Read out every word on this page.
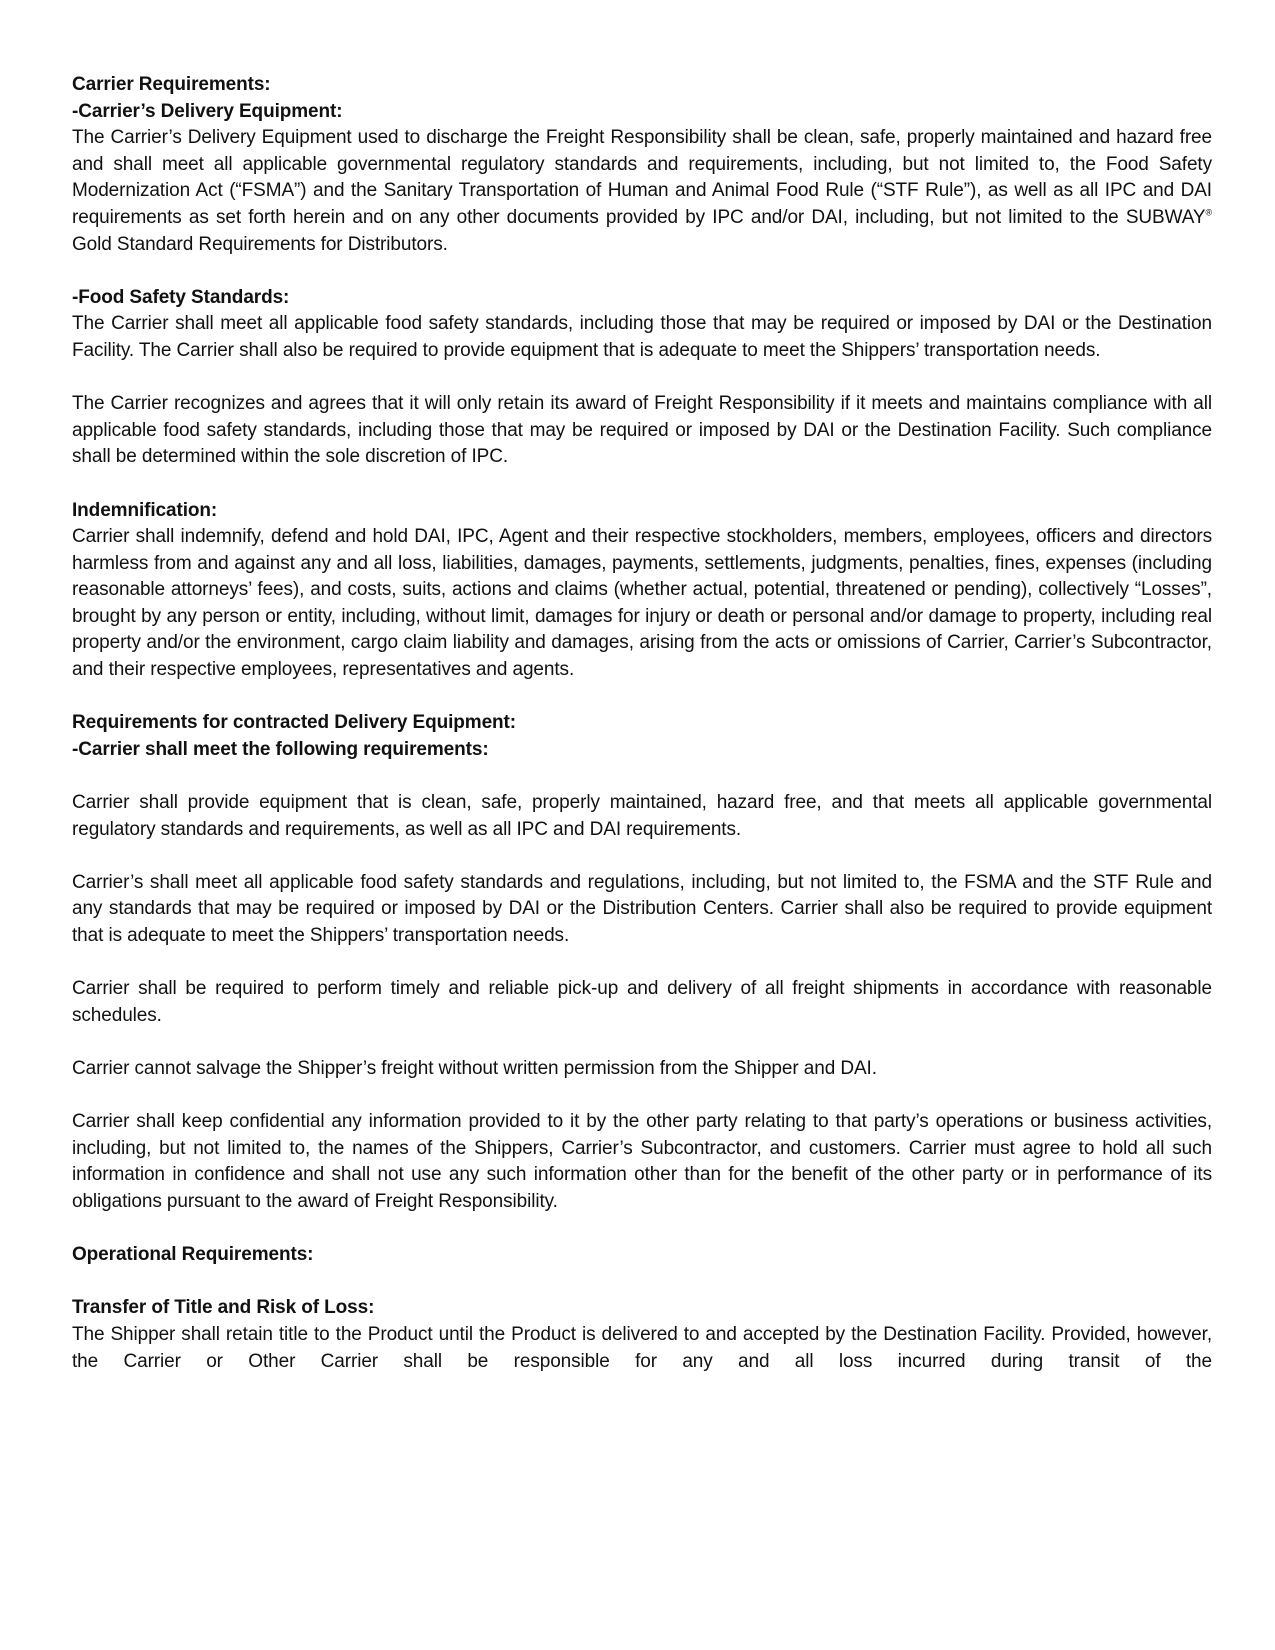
Carrier Requirements:
-Carrier’s Delivery Equipment:
The Carrier’s Delivery Equipment used to discharge the Freight Responsibility shall be clean, safe, properly maintained and hazard free and shall meet all applicable governmental regulatory standards and requirements, including, but not limited to, the Food Safety Modernization Act (“FSMA”) and the Sanitary Transportation of Human and Animal Food Rule (“STF Rule”), as well as all IPC and DAI requirements as set forth herein and on any other documents provided by IPC and/or DAI, including, but not limited to the SUBWAY® Gold Standard Requirements for Distributors.
-Food Safety Standards:
The Carrier shall meet all applicable food safety standards, including those that may be required or imposed by DAI or the Destination Facility. The Carrier shall also be required to provide equipment that is adequate to meet the Shippers’ transportation needs.
The Carrier recognizes and agrees that it will only retain its award of Freight Responsibility if it meets and maintains compliance with all applicable food safety standards, including those that may be required or imposed by DAI or the Destination Facility. Such compliance shall be determined within the sole discretion of IPC.
Indemnification:
Carrier shall indemnify, defend and hold DAI, IPC, Agent and their respective stockholders, members, employees, officers and directors harmless from and against any and all loss, liabilities, damages, payments, settlements, judgments, penalties, fines, expenses (including reasonable attorneys’ fees), and costs, suits, actions and claims (whether actual, potential, threatened or pending), collectively “Losses”, brought by any person or entity, including, without limit, damages for injury or death or personal and/or damage to property, including real property and/or the environment, cargo claim liability and damages, arising from the acts or omissions of Carrier, Carrier’s Subcontractor, and their respective employees, representatives and agents.
Requirements for contracted Delivery Equipment:
-Carrier shall meet the following requirements:
Carrier shall provide equipment that is clean, safe, properly maintained, hazard free, and that meets all applicable governmental regulatory standards and requirements, as well as all IPC and DAI requirements.
Carrier’s shall meet all applicable food safety standards and regulations, including, but not limited to, the FSMA and the STF Rule and any standards that may be required or imposed by DAI or the Distribution Centers. Carrier shall also be required to provide equipment that is adequate to meet the Shippers’ transportation needs.
Carrier shall be required to perform timely and reliable pick-up and delivery of all freight shipments in accordance with reasonable schedules.
Carrier cannot salvage the Shipper’s freight without written permission from the Shipper and DAI.
Carrier shall keep confidential any information provided to it by the other party relating to that party’s operations or business activities, including, but not limited to, the names of the Shippers, Carrier’s Subcontractor, and customers. Carrier must agree to hold all such information in confidence and shall not use any such information other than for the benefit of the other party or in performance of its obligations pursuant to the award of Freight Responsibility.
Operational Requirements:
Transfer of Title and Risk of Loss:
The Shipper shall retain title to the Product until the Product is delivered to and accepted by the Destination Facility. Provided, however, the Carrier or Other Carrier shall be responsible for any and all loss incurred during transit of the
